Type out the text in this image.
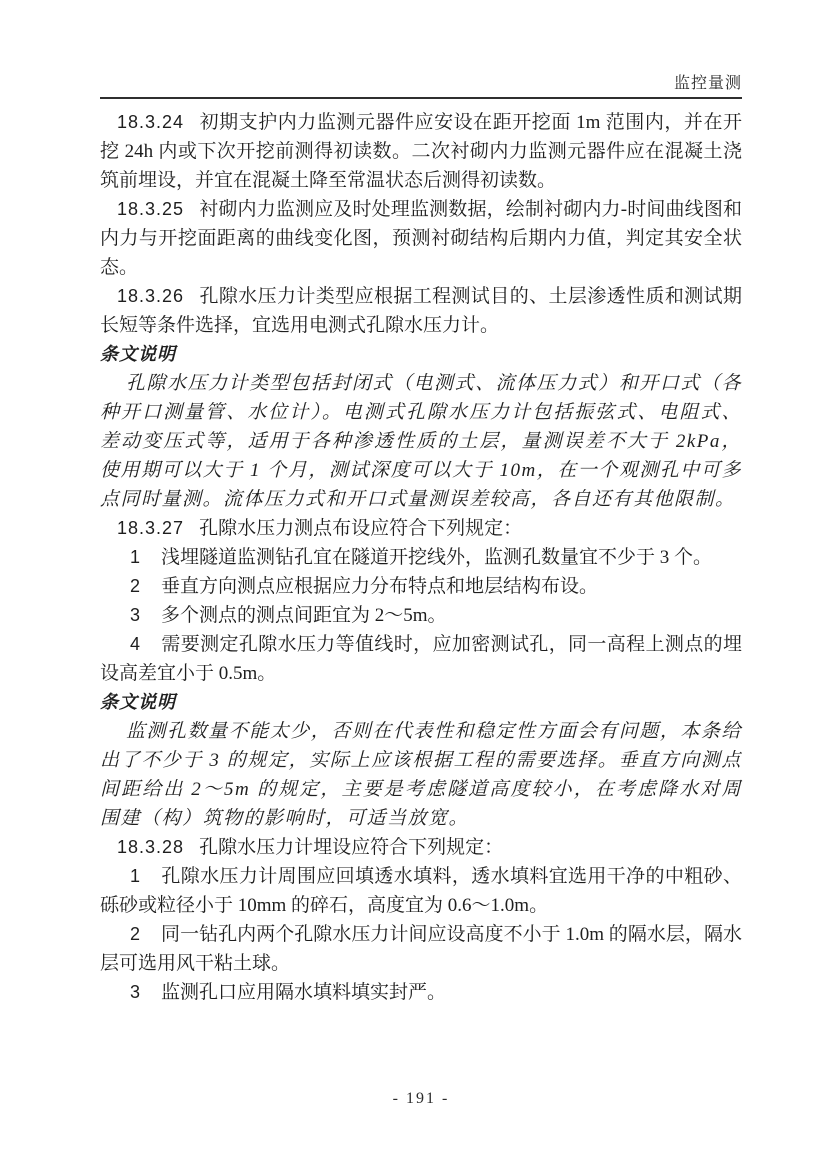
监控量测

18.3.24 初期支护内力监测元器件应安设在距开挖面 1m 范围内，并在开挖 24h 内或下次开挖前测得初读数。二次衬砌内力监测元器件应在混凝土浇筑前埋设，并宜在混凝土降至常温状态后测得初读数。

18.3.25 衬砌内力监测应及时处理监测数据，绘制衬砌内力-时间曲线图和内力与开挖面距离的曲线变化图，预测衬砌结构后期内力值，判定其安全状态。

18.3.26 孔隙水压力计类型应根据工程测试目的、土层渗透性质和测试期长短等条件选择，宜选用电测式孔隙水压力计。

条文说明

孔隙水压力计类型包括封闭式（电测式、流体压力式）和开口式（各种开口测量管、水位计）。电测式孔隙水压力计包括振弦式、电阻式、差动变压式等，适用于各种渗透性质的土层，量测误差不大于 2kPa，使用期可以大于 1 个月，测试深度可以大于 10m，在一个观测孔中可多点同时量测。流体压力式和开口式量测误差较高，各自还有其他限制。

18.3.27 孔隙水压力测点布设应符合下列规定：

1 浅埋隧道监测钻孔宜在隧道开挖线外，监测孔数量宜不少于 3 个。

2 垂直方向测点应根据应力分布特点和地层结构布设。

3 多个测点的测点间距宜为 2～5m。

4 需要测定孔隙水压力等值线时，应加密测试孔，同一高程上测点的埋设高差宜小于 0.5m。

条文说明

监测孔数量不能太少，否则在代表性和稳定性方面会有问题，本条给出了不少于 3 的规定，实际上应该根据工程的需要选择。垂直方向测点间距给出 2～5m 的规定，主要是考虑隧道高度较小，在考虑降水对周围建（构）筑物的影响时，可适当放宽。

18.3.28 孔隙水压力计埋设应符合下列规定：

1 孔隙水压力计周围应回填透水填料，透水填料宜选用干净的中粗砂、砾砂或粒径小于 10mm 的碎石，高度宜为 0.6～1.0m。

2 同一钻孔内两个孔隙水压力计间应设高度不小于 1.0m 的隔水层，隔水层可选用风干粘土球。

3 监测孔口应用隔水填料填实封严。

- 191 -
